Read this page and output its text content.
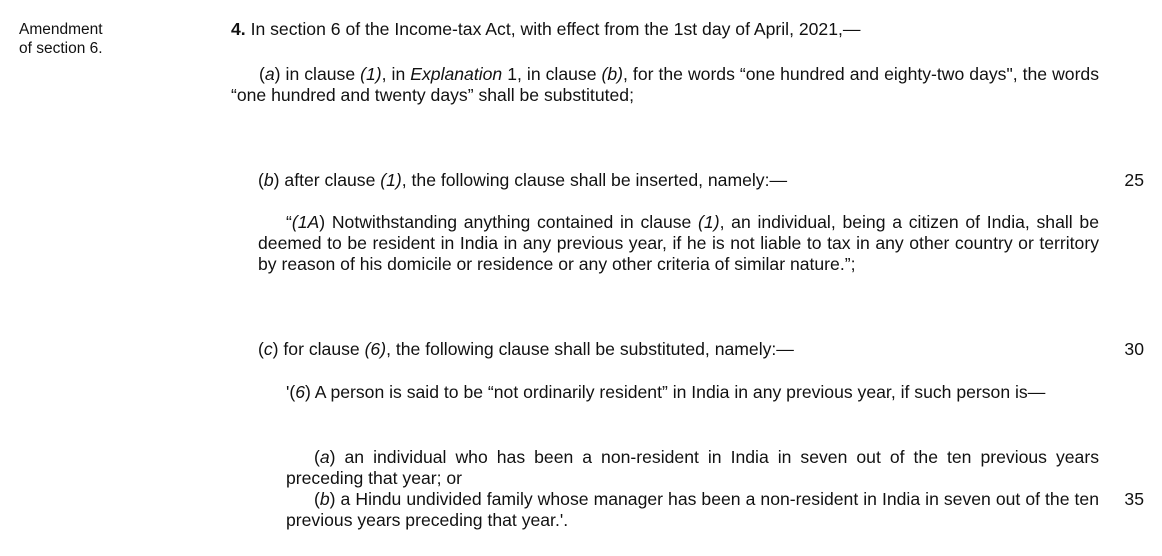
Amendment
of section 6.
4. In section 6 of the Income-tax Act, with effect from the 1st day of April, 2021,—
(a) in clause (1), in Explanation 1, in clause (b), for the words “one hundred and eighty-two days", the words “one hundred and twenty days” shall be substituted;
(b) after clause (1), the following clause shall be inserted, namely:—	25
“(1A) Notwithstanding anything contained in clause (1), an individual, being a citizen of India, shall be deemed to be resident in India in any previous year, if he is not liable to tax in any other country or territory by reason of his domicile or residence or any other criteria of similar nature.”;
(c) for clause (6), the following clause shall be substituted, namely:—	30
'(6) A person is said to be “not ordinarily resident” in India in any previous year, if such person is—
(a) an individual who has been a non-resident in India in seven out of the ten previous years preceding that year; or
(b) a Hindu undivided family whose manager has been a non-resident in India in seven out of the ten previous years preceding that year.'.
35
